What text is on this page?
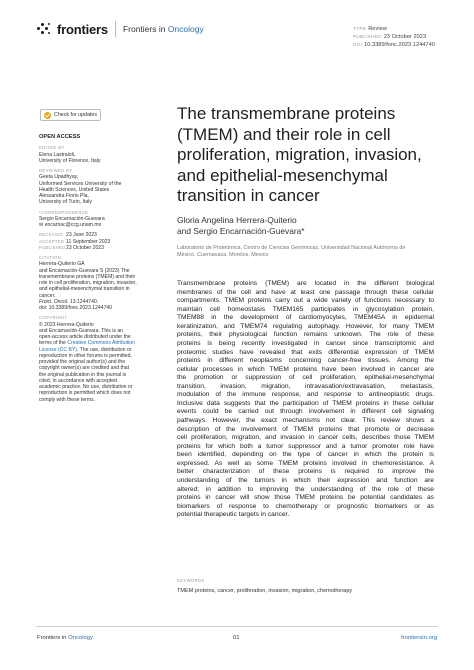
frontiers Frontiers in Oncology	TYPE Review
PUBLISHED 23 October 2023
DOI 10.3389/fonc.2023.1244740
Check for updates
OPEN ACCESS
EDITED BY
Elena Lastraioli,
University of Florence, Italy
REVIEWED BY
Geeta Upadhyay,
Uniformed Services University of the
Health Sciences, United States
Alessandra Fiorio Pla,
University of Turin, Italy
*CORRESPONDENCE
Sergio Encarnación-Guevara
✉ encarnac@ccg.unam.mx
RECEIVED 23 June 2023
ACCEPTED 11 September 2023
PUBLISHED23 October 2023
CITATION
Herrera-Quiterio GA
and Encarnación-Guevara S (2023) The
transmembrane proteins (TMEM) and their
role in cell proliferation, migration, invasion,
and epithelial-mesenchymal transition in
cancer.
Front. Oncol. 13:1244740.
doi: 10.3389/fonc.2023.1244740
COPYRIGHT
© 2023 Herrera-Quiterio
and Encarnación-Guevara. This is an
open-access article distributed under the
terms of the Creative Commons Attribution
License (CC BY). The use, distribution or
reproduction in other forums is permitted,
provided the original author(s) and the
copyright owner(s) are credited and that
the original publication in this journal is
cited, in accordance with accepted
academic practice. No use, distribution or
reproduction is permitted which does not
comply with these terms.
The transmembrane proteins
(TMEM) and their role in cell
proliferation, migration, invasion,
and epithelial-mesenchymal
transition in cancer
Gloria Angelina Herrera-Quiterio
and Sergio Encarnación-Guevara*
Laboratorio de Proteómica, Centro de Ciencias Genómicas, Universidad Nacional Autónoma de
México, Cuernavaca, Morelos, Mexico
Transmembrane proteins (TMEM) are located in the different biological
membranes of the cell and have at least one passage through these cellular
compartments. TMEM proteins carry out a wide variety of functions necessary to
maintain cell homeostasis TMEM165 participates in glycosylation protein,
TMEM88 in the development of cardiomyocytes, TMEM45A in epidermal
keratinization, and TMEM74 regulating autophagy. However, for many TMEM
proteins, their physiological function remains unknown. The role of these
proteins is being recently investigated in cancer since transcriptomic and
proteomic studies have revealed that exits differential expression of TMEM
proteins in different neoplasms concerning cancer-free tissues. Among the
cellular processes in which TMEM proteins have been involved in cancer are
the promotion or suppression of cell proliferation, epithelial-mesenchymal
transition, invasion, migration, intravasation/extravasation, metastasis,
modulation of the immune response, and response to antineoplastic drugs.
Inclusive data suggests that the participation of TMEM proteins in these cellular
events could be carried out through involvement in different cell signaling
pathways. However, the exact mechanisms not clear. This review shows a
description of the involvement of TMEM proteins that promote or decrease
cell proliferation, migration, and invasion in cancer cells, describes those TMEM
proteins for which both a tumor suppressor and a tumor promoter role have
been identified, depending on the type of cancer in which the protein is
expressed. As well as some TMEM proteins involved in chemoresistance. A
better characterization of these proteins is required to improve the
understanding of the tumors in which their expression and function are
altered; in addition to improving the understanding of the role of these
proteins in cancer will show those TMEM proteins be potential candidates as
biomarkers of response to chemotherapy or prognostic biomarkers or as
potential therapeutic targets in cancer.
KEYWORDS
TMEM proteins, cancer, proliferation, invasion, migration, chemotherapy
Frontiers in Oncology	01	frontiersin.org
